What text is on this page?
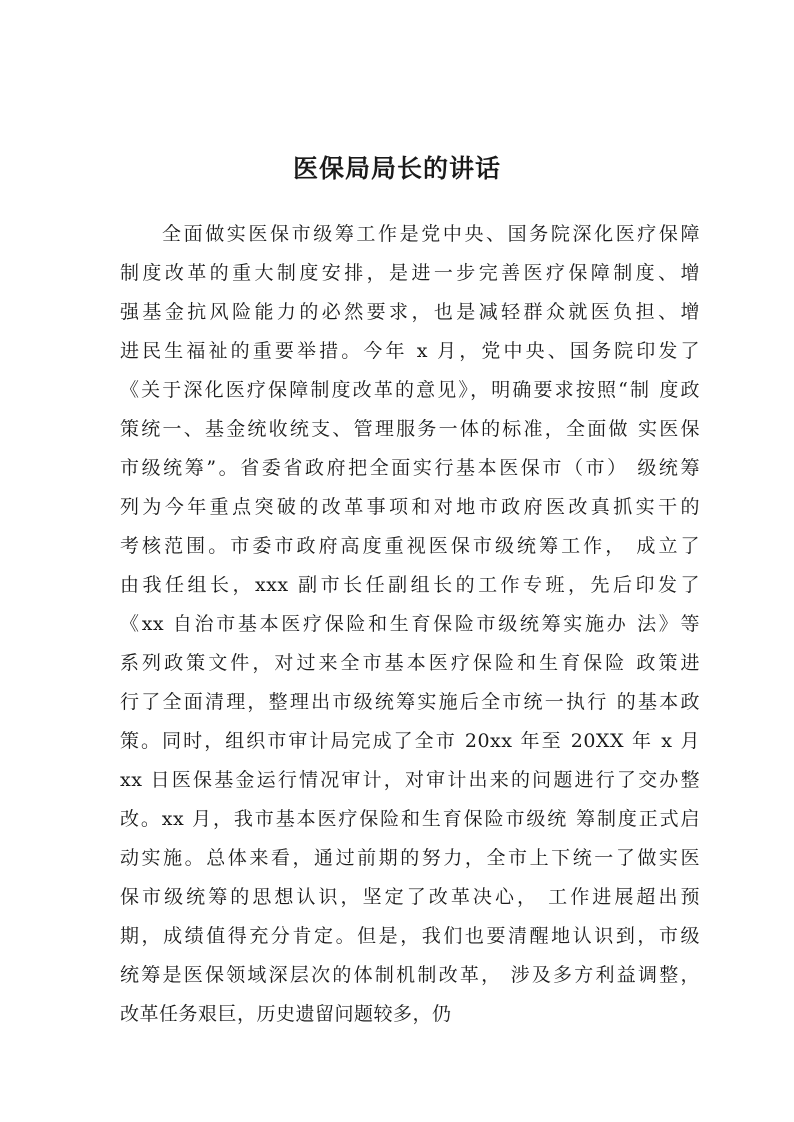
医保局局长的讲话
全面做实医保市级筹工作是党中央、国务院深化医疗保障
制度改革的重大制度安排，是进一步完善医疗保障制度、增
强基金抗风险能力的必然要求，也是减轻群众就医负担、增
进民生福祉的重要举措。今年 x 月，党中央、国务院印发了
《关于深化医疗保障制度改革的意见》，明确要求按照“制 度政
策统一、基金统收统支、管理服务一体的标准，全面做 实医保
市级统筹”。省委省政府把全面实行基本医保市（市） 级统筹
列为今年重点突破的改革事项和对地市政府医改真抓实干的
考核范围。市委市政府高度重视医保市级统筹工作， 成立了
由我任组长，xxx 副市长任副组长的工作专班，先后印发了
《xx 自治市基本医疗保险和生育保险市级统筹实施办 法》等
系列政策文件，对过来全市基本医疗保险和生育保险 政策进
行了全面清理，整理出市级统筹实施后全市统一执行 的基本政
策。同时，组织市审计局完成了全市 20xx 年至 20XX 年 x 月
xx 日医保基金运行情况审计，对审计出来的问题进行了交办整
改。xx 月，我市基本医疗保险和生育保险市级统 筹制度正式启
动实施。总体来看，通过前期的努力，全市上下统一了做实医
保市级统筹的思想认识，坚定了改革决心， 工作进展超出预
期，成绩值得充分肯定。但是，我们也要清醒地认识到，市级
统筹是医保领域深层次的体制机制改革， 涉及多方利益调整，
改革任务艰巨，历史遗留问题较多，仍
